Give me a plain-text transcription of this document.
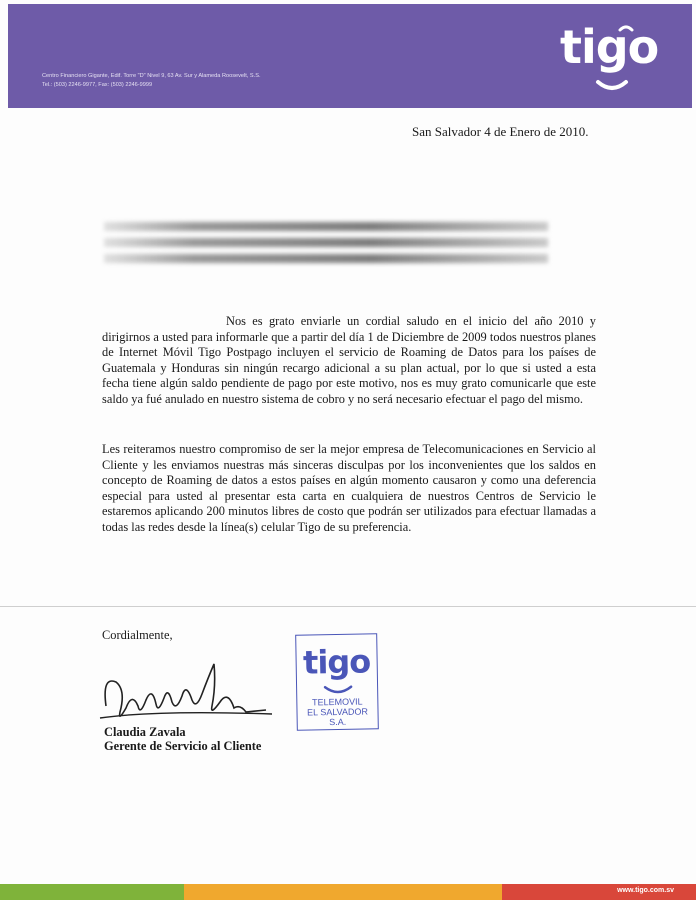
Centro Financiero Gigante, Edif. Torre "D" Nivel 9, 63 Av. Sur y Alameda Roosevelt, S.S.
Tel.: (503) 2246-9977, Fax: (503) 2246-9999
tigo
San Salvador 4 de Enero de 2010.
Nos es grato enviarle un cordial saludo en el inicio del año 2010 y dirigirnos a usted para informarle que a partir del día 1 de Diciembre de 2009 todos nuestros planes de Internet Móvil Tigo Postpago incluyen el servicio de Roaming de Datos para los países de Guatemala y Honduras sin ningún recargo adicional a su plan actual, por lo que si usted a esta fecha tiene algún saldo pendiente de pago por este motivo, nos es muy grato comunicarle que este saldo ya fué anulado en nuestro sistema de cobro y no será necesario efectuar el pago del mismo.
Les reiteramos nuestro compromiso de ser la mejor empresa de Telecomunicaciones en Servicio al Cliente y les enviamos nuestras más sinceras disculpas por los inconvenientes que los saldos en concepto de Roaming de datos a estos países en algún momento causaron y como una deferencia especial para usted al presentar esta carta en cualquiera de nuestros Centros de Servicio le estaremos aplicando 200 minutos libres de costo que podrán ser utilizados para efectuar llamadas a todas las redes desde la línea(s) celular Tigo de su preferencia.
Cordialmente,
Claudia Zavala
Gerente de Servicio al Cliente
tigo
TELEMOVIL
EL SALVADOR
S.A.
www.tigo.com.sv
